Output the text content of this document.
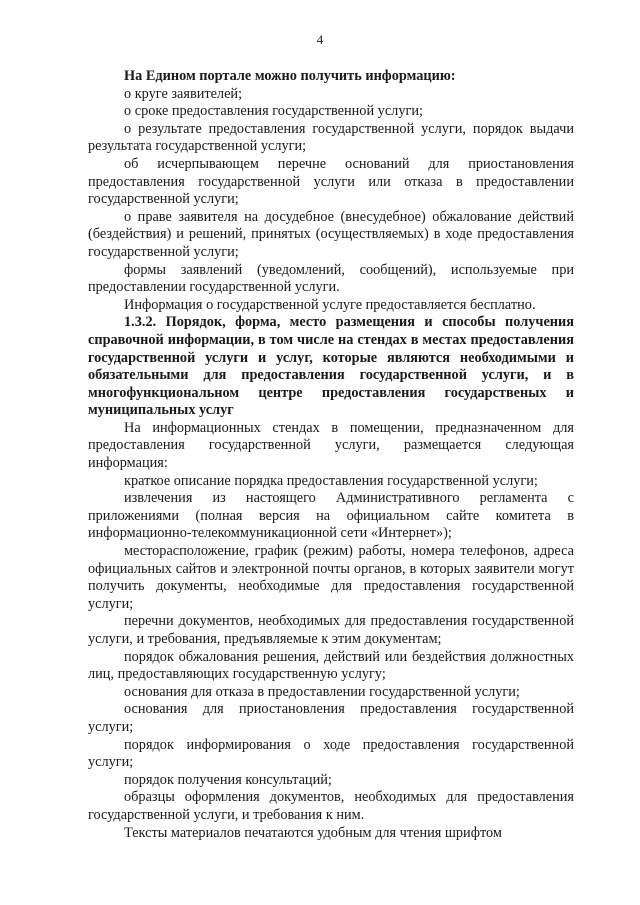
4

На Едином портале можно получить информацию:

о круге заявителей;

о сроке предоставления государственной услуги;

о результате предоставления государственной услуги, порядок выдачи результата государственной услуги;

об исчерпывающем перечне оснований для приостановления предоставления государственной услуги или отказа в предоставлении государственной услуги;

о праве заявителя на досудебное (внесудебное) обжалование действий (бездействия) и решений, принятых (осуществляемых) в ходе предоставления государственной услуги;

формы заявлений (уведомлений, сообщений), используемые при предоставлении государственной услуги.

Информация о государственной услуге предоставляется бесплатно.

1.3.2. Порядок, форма, место размещения и способы получения справочной информации, в том числе на стендах в местах предоставления государственной услуги и услуг, которые являются необходимыми и обязательными для предоставления государственной услуги, и в многофункциональном центре предоставления государственых и муниципальных услуг

На информационных стендах в помещении, предназначенном для предоставления государственной услуги, размещается следующая информация:

краткое описание порядка предоставления государственной услуги;

извлечения из настоящего Административного регламента с приложениями (полная версия на официальном сайте комитета в информационно-телекоммуникационной сети «Интернет»);

месторасположение, график (режим) работы, номера телефонов, адреса официальных сайтов и электронной почты органов, в которых заявители могут получить документы, необходимые для предоставления государственной услуги;

перечни документов, необходимых для предоставления государственной услуги, и требования, предъявляемые к этим документам;

порядок обжалования решения, действий или бездействия должностных лиц, предоставляющих государственную услугу;

основания для отказа в предоставлении государственной услуги;

основания для приостановления предоставления государственной услуги;

порядок информирования о ходе предоставления государственной услуги;

порядок получения консультаций;

образцы оформления документов, необходимых для предоставления государственной услуги, и требования к ним.

Тексты материалов печатаются удобным для чтения шрифтом
